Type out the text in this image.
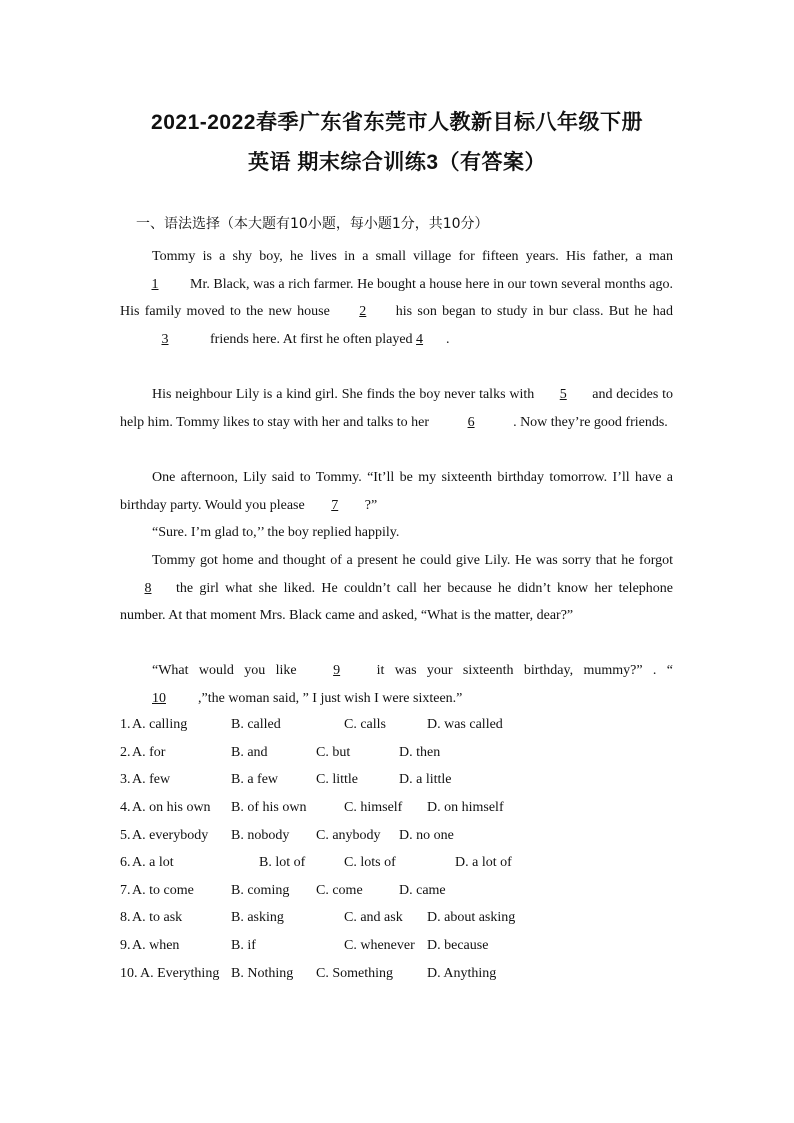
2021-2022春季广东省东莞市人教新目标八年级下册
英语 期末综合训练3（有答案）
一、语法选择（本大题有10小题，每小题1分，共10分）
Tommy is a shy boy, he lives in a small village for fifteen years. His father, a man1 Mr. Black, was a rich farmer. He bought a house here in our town several months ago. His family moved to the new house 2 his son began to study in bur class. But he had3	friends here. At first he often played 4 .
His neighbour Lily is a kind girl. She finds the boy never talks with 5 and decides to help him. Tommy likes to stay with her and talks to her	6	. Now they’re good friends.
One afternoon, Lily said to Tommy. “It’ll be my sixteenth birthday tomorrow. I’ll have a birthday party. Would you please 7 ?”
“Sure. I’m glad to,’’ the boy replied happily.
Tommy got home and thought of a present he could give Lily. He was sorry that he forgot8 the girl what she liked. He couldn’t call her because he didn’t know her telephone number. At that moment Mrs. Black came and asked, “What is the matter, dear?”
“What would you like	9	it was your sixteenth birthday, mummy?” . “10 ,”the woman said, ” I just wish I were sixteen.”
1. A. calling	B. called	C. calls	D. was called
2. A. for	B. and	C. but	D. then
3. A. few	B. a few	C. little	D. a little
4. A. on his own B. of his own	C. himself D. on himself
5. A. everybody B. nobody C. anybody D. no one
6. A. a lot	B. lot of	C. lots of	D. a lot of
7. A. to come	B. coming C. come	D. came
8. A. to ask	B. asking	C. and ask D. about asking
9. A. when	B. if	C. whenever D. because
10. A. Everything B. Nothing C. Something D. Anything
